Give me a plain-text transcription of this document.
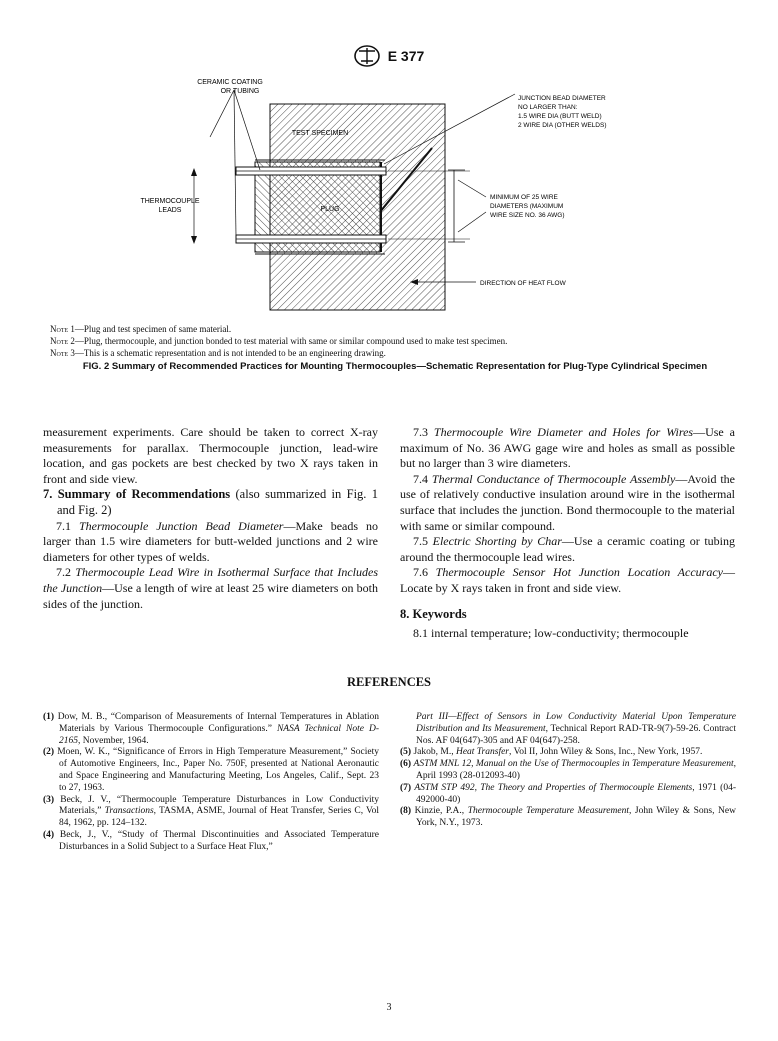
E 377
CERAMIC COATING
OR TUBING
TEST SPECIMEN
PLUG
THERMOCOUPLE
LEADS
JUNCTION BEAD DIAMETER
NO LARGER THAN:
1.5 WIRE DIA (BUTT WELD)
2 WIRE DIA (OTHER WELDS)
MINIMUM OF 25 WIRE
DIAMETERS (MAXIMUM
WIRE SIZE NO. 36 AWG)
DIRECTION OF HEAT FLOW
Note 1—Plug and test specimen of same material.
Note 2—Plug, thermocouple, and junction bonded to test material with same or similar compound used to make test specimen.
Note 3—This is a schematic representation and is not intended to be an engineering drawing.
FIG. 2 Summary of Recommended Practices for Mounting Thermocouples—Schematic Representation for Plug-Type Cylindrical Specimen

measurement experiments. Care should be taken to correct X-ray measurements for parallax. Thermocouple junction, lead-wire location, and gas pockets are best checked by two X rays taken in front and side view.

7. Summary of Recommendations (also summarized in Fig. 1 and Fig. 2)

7.1 Thermocouple Junction Bead Diameter—Make beads no larger than 1.5 wire diameters for butt-welded junctions and 2 wire diameters for other types of welds.

7.2 Thermocouple Lead Wire in Isothermal Surface that Includes the Junction—Use a length of wire at least 25 wire diameters on both sides of the junction.

7.3 Thermocouple Wire Diameter and Holes for Wires—Use a maximum of No. 36 AWG gage wire and holes as small as possible but no larger than 3 wire diameters.

7.4 Thermal Conductance of Thermocouple Assembly—Avoid the use of relatively conductive insulation around wire in the isothermal surface that includes the junction. Bond thermocouple to the material with same or similar compound.

7.5 Electric Shorting by Char—Use a ceramic coating or tubing around the thermocouple lead wires.

7.6 Thermocouple Sensor Hot Junction Location Accuracy—Locate by X rays taken in front and side view.

8. Keywords

8.1 internal temperature; low-conductivity; thermocouple

REFERENCES

(1) Dow, M. B., “Comparison of Measurements of Internal Temperatures in Ablation Materials by Various Thermocouple Configurations.” NASA Technical Note D-2165, November, 1964.

(2) Moen, W. K., “Significance of Errors in High Temperature Measurement,” Society of Automotive Engineers, Inc., Paper No. 750F, presented at National Aeronautic and Space Engineering and Manufacturing Meeting, Los Angeles, Calif., Sept. 23 to 27, 1963.

(3) Beck, J. V., “Thermocouple Temperature Disturbances in Low Conductivity Materials,” Transactions, TASMA, ASME, Journal of Heat Transfer, Series C, Vol 84, 1962, pp. 124–132.

(4) Beck, J., V., “Study of Thermal Discontinuities and Associated Temperature Disturbances in a Solid Subject to a Surface Heat Flux,”

Part III—Effect of Sensors in Low Conductivity Material Upon Temperature Distribution and Its Measurement, Technical Report RAD-TR-9(7)-59-26. Contract Nos. AF 04(647)-305 and AF 04(647)-258.

(5) Jakob, M., Heat Transfer, Vol II, John Wiley & Sons, Inc., New York, 1957.

(6) ASTM MNL 12, Manual on the Use of Thermocouples in Temperature Measurement, April 1993 (28-012093-40)

(7) ASTM STP 492, The Theory and Properties of Thermocouple Elements, 1971 (04-492000-40)

(8) Kinzie, P.A., Thermocouple Temperature Measurement, John Wiley & Sons, New York, N.Y., 1973.

3
